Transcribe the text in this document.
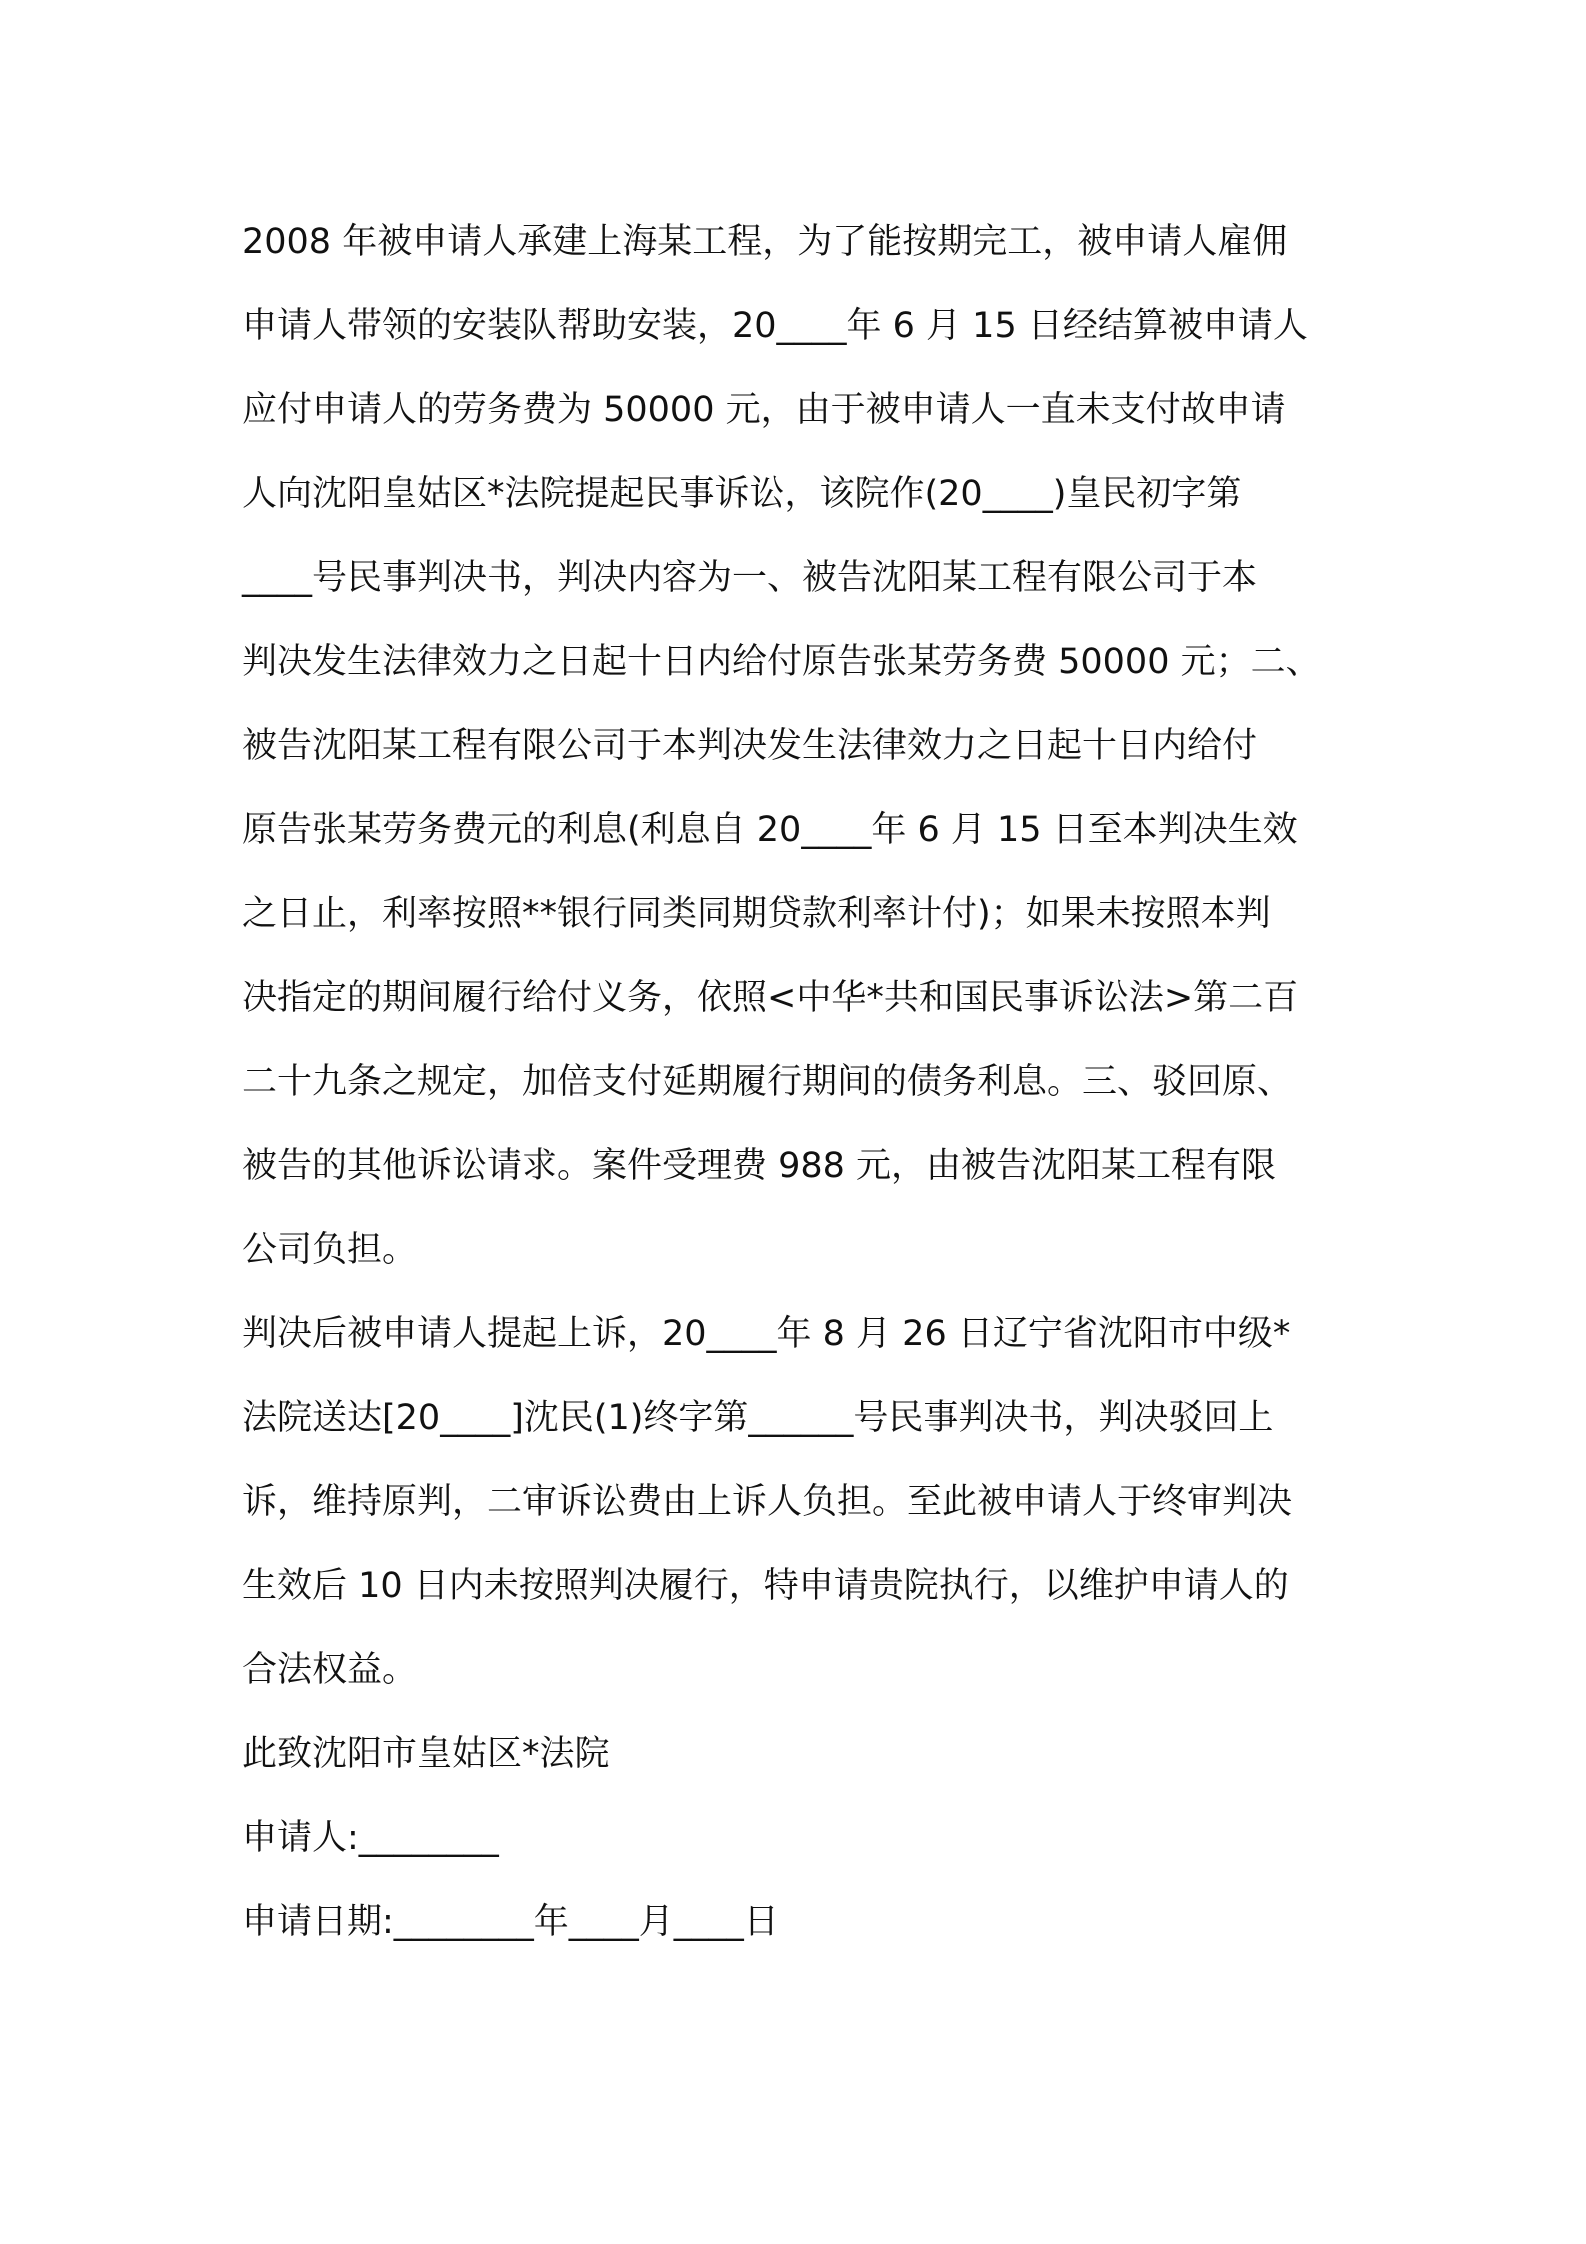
2008 年被申请人承建上海某工程，为了能按期完工，被申请人雇佣
申请人带领的安装队帮助安装，20____年 6 月 15 日经结算被申请人
应付申请人的劳务费为 50000 元，由于被申请人一直未支付故申请
人向沈阳皇姑区*法院提起民事诉讼，该院作(20____)皇民初字第
____号民事判决书，判决内容为一、被告沈阳某工程有限公司于本
判决发生法律效力之日起十日内给付原告张某劳务费 50000 元；二、
被告沈阳某工程有限公司于本判决发生法律效力之日起十日内给付
原告张某劳务费元的利息(利息自 20____年 6 月 15 日至本判决生效
之日止，利率按照**银行同类同期贷款利率计付)；如果未按照本判
决指定的期间履行给付义务，依照<中华*共和国民事诉讼法>第二百
二十九条之规定，加倍支付延期履行期间的债务利息。三、驳回原、
被告的其他诉讼请求。案件受理费 988 元，由被告沈阳某工程有限
公司负担。
判决后被申请人提起上诉，20____年 8 月 26 日辽宁省沈阳市中级*
法院送达[20____]沈民(1)终字第______号民事判决书，判决驳回上
诉，维持原判，二审诉讼费由上诉人负担。至此被申请人于终审判决
生效后 10 日内未按照判决履行，特申请贵院执行，以维护申请人的
合法权益。
此致沈阳市皇姑区*法院
申请人:________
申请日期:________年____月____日
